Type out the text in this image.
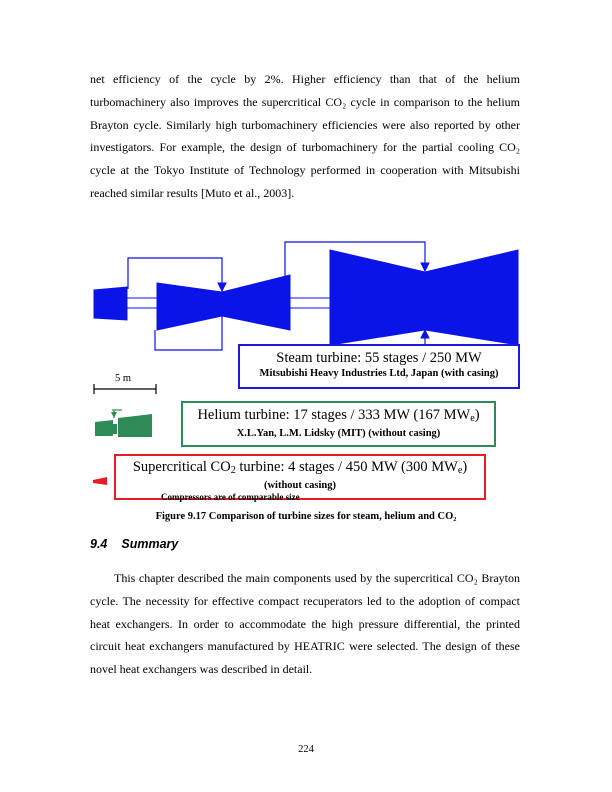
net efficiency of the cycle by 2%. Higher efficiency than that of the helium
turbomachinery also improves the supercritical CO₂ cycle in comparison to the helium
Brayton cycle. Similarly high turbomachinery efficiencies were also reported by other
investigators. For example, the design of turbomachinery for the partial cooling CO₂
cycle at the Tokyo Institute of Technology performed in cooperation with Mitsubishi
reached similar results [Muto et al., 2003].
Steam turbine: 55 stages / 250 MW
Mitsubishi Heavy Industries Ltd, Japan (with casing)
5 m
Helium turbine: 17 stages / 333 MW (167 $MW_e$)
X.L.Yan, L.M. Lidsky (MIT) (without casing)
Supercritical $CO_2$ turbine: 4 stages / 450 MW (300 $MW_e$)
(without casing)
Compressors are of comparable size
Figure 9.17 Comparison of turbine sizes for steam, helium and CO₂
9.4 Summary
This chapter described the main components used by the supercritical CO₂ Brayton
cycle. The necessity for effective compact recuperators led to the adoption of compact
heat exchangers. In order to accommodate the high pressure differential, the printed
circuit heat exchangers manufactured by HEATRIC were selected. The design of these
novel heat exchangers was described in detail.
224
